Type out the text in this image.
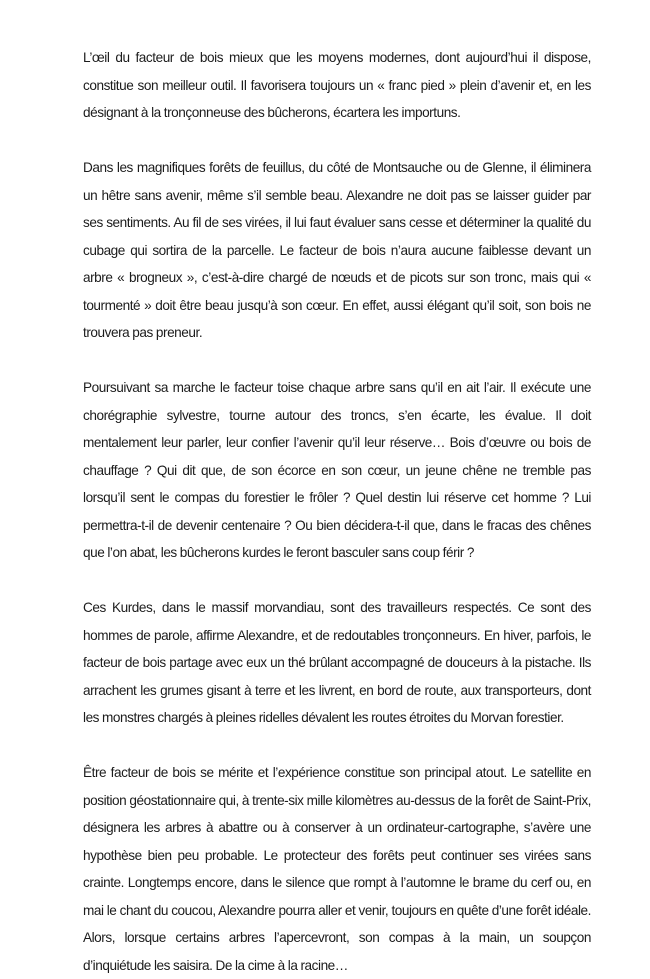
L’œil du facteur de bois mieux que les moyens modernes, dont aujourd’hui il dispose, constitue son meilleur outil. Il favorisera toujours un « franc pied » plein d’avenir et, en les désignant à la tronçonneuse des bûcherons, écartera les importuns.

Dans les magnifiques forêts de feuillus, du côté de Montsauche ou de Glenne, il éliminera un hêtre sans avenir, même s’il semble beau. Alexandre ne doit pas se laisser guider par ses sentiments. Au fil de ses virées, il lui faut évaluer sans cesse et déterminer la qualité du cubage qui sortira de la parcelle. Le facteur de bois n’aura aucune faiblesse devant un arbre « brogneux », c’est-à-dire chargé de nœuds et de picots sur son tronc, mais qui « tourmenté » doit être beau jusqu’à son cœur. En effet, aussi élégant qu’il soit, son bois ne trouvera pas preneur.

Poursuivant sa marche le facteur toise chaque arbre sans qu’il en ait l’air. Il exécute une chorégraphie sylvestre, tourne autour des troncs, s’en écarte, les évalue. Il doit mentalement leur parler, leur confier l’avenir qu’il leur réserve… Bois d’œuvre ou bois de chauffage ? Qui dit que, de son écorce en son cœur, un jeune chêne ne tremble pas lorsqu’il sent le compas du forestier le frôler ? Quel destin lui réserve cet homme ? Lui permettra-t-il de devenir centenaire ? Ou bien décidera-t-il que, dans le fracas des chênes que l’on abat, les bûcherons kurdes le feront basculer sans coup férir ?

Ces Kurdes, dans le massif morvandiau, sont des travailleurs respectés. Ce sont des hommes de parole, affirme Alexandre, et de redoutables tronçonneurs. En hiver, parfois, le facteur de bois partage avec eux un thé brûlant accompagné de douceurs à la pistache. Ils arrachent les grumes gisant à terre et les livrent, en bord de route, aux transporteurs, dont les monstres chargés à pleines ridelles dévalent les routes étroites du Morvan forestier.

Être facteur de bois se mérite et l’expérience constitue son principal atout. Le satellite en position géostationnaire qui, à trente-six mille kilomètres au-dessus de la forêt de Saint-Prix, désignera les arbres à abattre ou à conserver à un ordinateur-cartographe, s’avère une hypothèse bien peu probable. Le protecteur des forêts peut continuer ses virées sans crainte. Longtemps encore, dans le silence que rompt à l’automne le brame du cerf ou, en mai le chant du coucou, Alexandre pourra aller et venir, toujours en quête d’une forêt idéale. Alors, lorsque certains arbres l’apercevront, son compas à la main, un soupçon d’inquiétude les saisira. De la cime à la racine…
